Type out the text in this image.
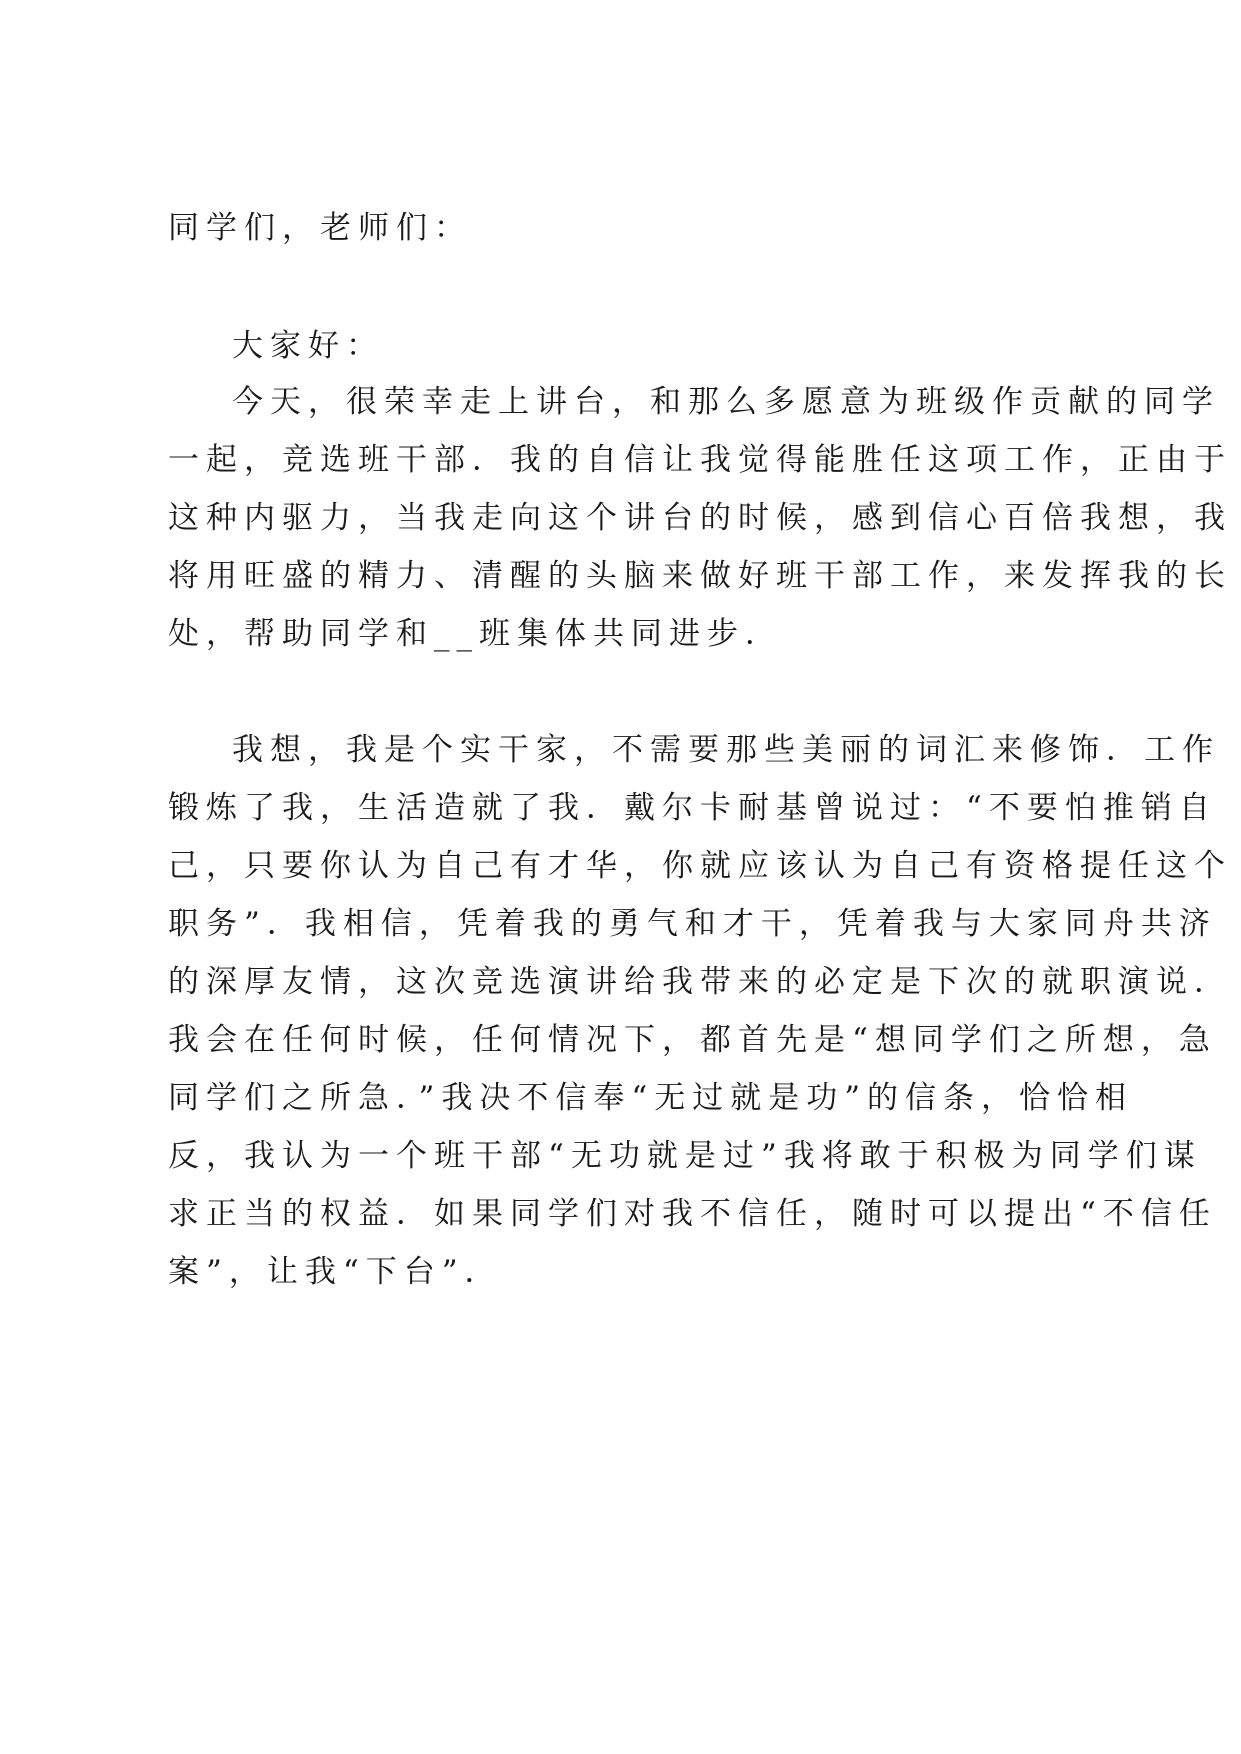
同学们，老师们：
大家好：
今天，很荣幸走上讲台，和那么多愿意为班级作贡献的同学
一起，竞选班干部．我的自信让我觉得能胜任这项工作，正由于
这种内驱力，当我走向这个讲台的时候，感到信心百倍我想，我
将用旺盛的精力、清醒的头脑来做好班干部工作，来发挥我的长
处，帮助同学和__班集体共同进步．
我想，我是个实干家，不需要那些美丽的词汇来修饰．工作
锻炼了我，生活造就了我．戴尔卡耐基曾说过：“不要怕推销自
己，只要你认为自己有才华，你就应该认为自己有资格提任这个
职务”．我相信，凭着我的勇气和才干，凭着我与大家同舟共济
的深厚友情，这次竞选演讲给我带来的必定是下次的就职演说．
我会在任何时候，任何情况下，都首先是“想同学们之所想，急
同学们之所急．”我决不信奉“无过就是功”的信条，恰恰相
反，我认为一个班干部“无功就是过”我将敢于积极为同学们谋
求正当的权益．如果同学们对我不信任，随时可以提出“不信任
案”，让我“下台”．
